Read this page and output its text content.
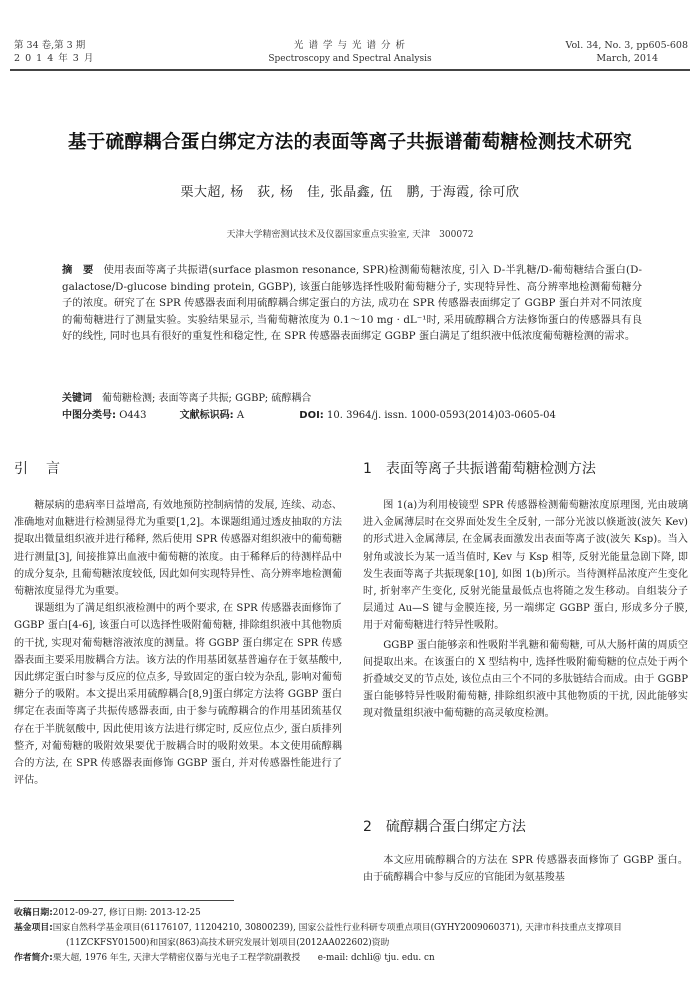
第 34 卷,第 3 期
2 0 1 4 年 3 月
光 谱 学 与 光 谱 分 析
Spectroscopy and Spectral Analysis
Vol. 34, No. 3, pp605-608
March, 2014
基于硫醇耦合蛋白绑定方法的表面等离子共振谱葡萄糖检测技术研究
栗大超, 杨　荻, 杨　佳, 张晶鑫, 伍　鹏, 于海霞, 徐可欣
天津大学精密测试技术及仪器国家重点实验室, 天津　300072
摘　要 使用表面等离子共振谱(surface plasmon resonance, SPR)检测葡萄糖浓度, 引入 D-半乳糖/D-葡萄糖结合蛋白(D-galactose/D-glucose binding protein, GGBP), 该蛋白能够选择性吸附葡萄糖分子, 实现特异性、高分辨率地检测葡萄糖分子的浓度。研究了在 SPR 传感器表面利用硫醇耦合绑定蛋白的方法, 成功在 SPR 传感器表面绑定了 GGBP 蛋白并对不同浓度的葡萄糖进行了测量实验。实验结果显示, 当葡萄糖浓度为 0.1～10 mg · dL⁻¹时, 采用硫醇耦合方法修饰蛋白的传感器具有良好的线性, 同时也具有很好的重复性和稳定性, 在 SPR 传感器表面绑定 GGBP 蛋白满足了组织液中低浓度葡萄糖检测的需求。
关键词 葡萄糖检测; 表面等离子共振; GGBP; 硫醇耦合
中图分类号: O443	文献标识码: A	DOI: 10. 3964/j. issn. 1000-0593(2014)03-0605-04
引　言

糖尿病的患病率日益增高, 有效地预防控制病情的发展, 连续、动态、准确地对血糖进行检测显得尤为重要[1,2]。本课题组通过透皮抽取的方法提取出微量组织液并进行稀释, 然后使用 SPR 传感器对组织液中的葡萄糖进行测量[3], 间接推算出血液中葡萄糖的浓度。由于稀释后的待测样品中的成分复杂, 且葡萄糖浓度较低, 因此如何实现特异性、高分辨率地检测葡萄糖浓度显得尤为重要。

课题组为了满足组织液检测中的两个要求, 在 SPR 传感器表面修饰了 GGBP 蛋白[4-6], 该蛋白可以选择性吸附葡萄糖, 排除组织液中其他物质的干扰, 实现对葡萄糖溶液浓度的测量。将 GGBP 蛋白绑定在 SPR 传感器表面主要采用胺耦合方法。该方法的作用基团氨基普遍存在于氨基酸中, 因此绑定蛋白时参与反应的位点多, 导致固定的蛋白较为杂乱, 影响对葡萄糖分子的吸附。本文提出采用硫醇耦合[8,9]蛋白绑定方法将 GGBP 蛋白绑定在表面等离子共振传感器表面, 由于参与硫醇耦合的作用基团巯基仅存在于半胱氨酸中, 因此使用该方法进行绑定时, 反应位点少, 蛋白质排列整齐, 对葡萄糖的吸附效果要优于胺耦合时的吸附效果。本文使用硫醇耦合的方法, 在 SPR 传感器表面修饰 GGBP 蛋白, 并对传感器性能进行了评估。

1　表面等离子共振谱葡萄糖检测方法

图 1(a)为利用棱镜型 SPR 传感器检测葡萄糖浓度原理图, 光由玻璃进入金属薄层时在交界面处发生全反射, 一部分光波以倏逝波(波矢 Kev)的形式进入金属薄层, 在金属表面激发出表面等离子波(波矢 Ksp)。当入射角或波长为某一适当值时, Kev 与 Ksp 相等, 反射光能量急剧下降, 即发生表面等离子共振现象[10], 如图 1(b)所示。当待测样品浓度产生变化时, 折射率产生变化, 反射光能量最低点也将随之发生移动。自组装分子层通过 Au—S 键与金膜连接, 另一端绑定 GGBP 蛋白, 形成多分子膜, 用于对葡萄糖进行特异性吸附。

GGBP 蛋白能够亲和性吸附半乳糖和葡萄糖, 可从大肠杆菌的周质空间提取出来。在该蛋白的 X 型结构中, 选择性吸附葡萄糖的位点处于两个折叠域交叉的节点处, 该位点由三个不同的多肽链结合而成。由于 GGBP 蛋白能够特异性吸附葡萄糖, 排除组织液中其他物质的干扰, 因此能够实现对微量组织液中葡萄糖的高灵敏度检测。

2　硫醇耦合蛋白绑定方法

本文应用硫醇耦合的方法在 SPR 传感器表面修饰了 GGBP 蛋白。由于硫醇耦合中参与反应的官能团为氨基羧基

收稿日期:2012-09-27, 修订日期: 2013-12-25
基金项目:国家自然科学基金项目(61176107, 11204210, 30800239), 国家公益性行业科研专项重点项目(GYHY2009060371), 天津市科技重点支撑项目(11ZCKFSY01500)和国家(863)高技术研究发展计划项目(2012AA022602)资助
作者简介:栗大超, 1976 年生, 天津大学精密仪器与光电子工程学院副教授　　e-mail: dchli@ tju. edu. cn
